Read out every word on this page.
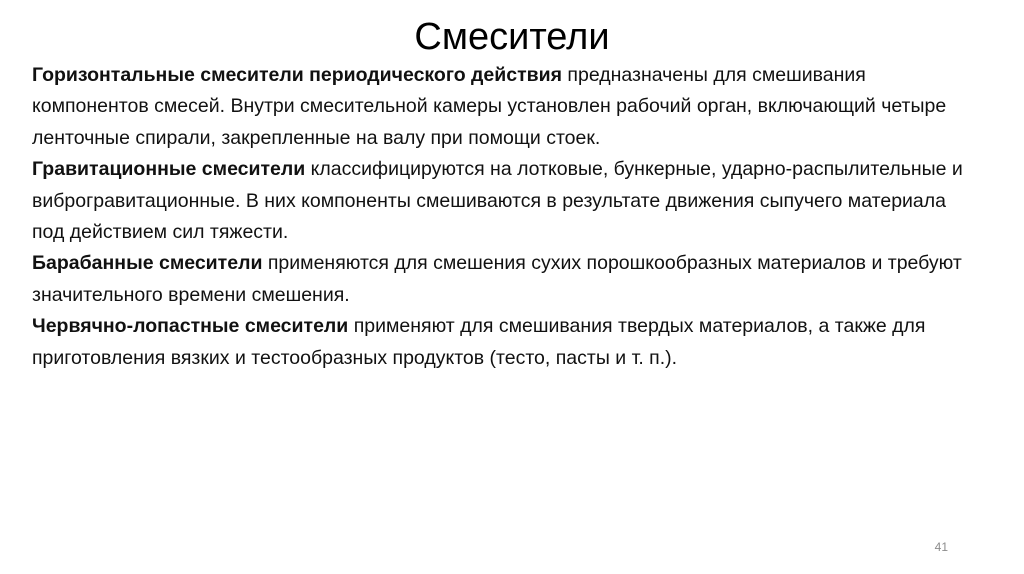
Смесители

Горизонтальные смесители периодического действия предназначены для смешивания компонентов смесей. Внутри смесительной камеры установлен рабочий орган, включающий четыре ленточные спирали, закрепленные на валу при помощи стоек.

Гравитационные смесители классифицируются на лотковые, бункерные, ударно-распылительные и виброгравитационные. В них компоненты смешиваются в результате движения сыпучего материала под действием сил тяжести.

Барабанные смесители применяются для смешения сухих порошкообразных материалов и требуют значительного времени смешения.

Червячно-лопастные смесители применяют для смешивания твердых материалов, а также для приготовления вязких и тестообразных продуктов (тесто, пасты и т. п.).

41
